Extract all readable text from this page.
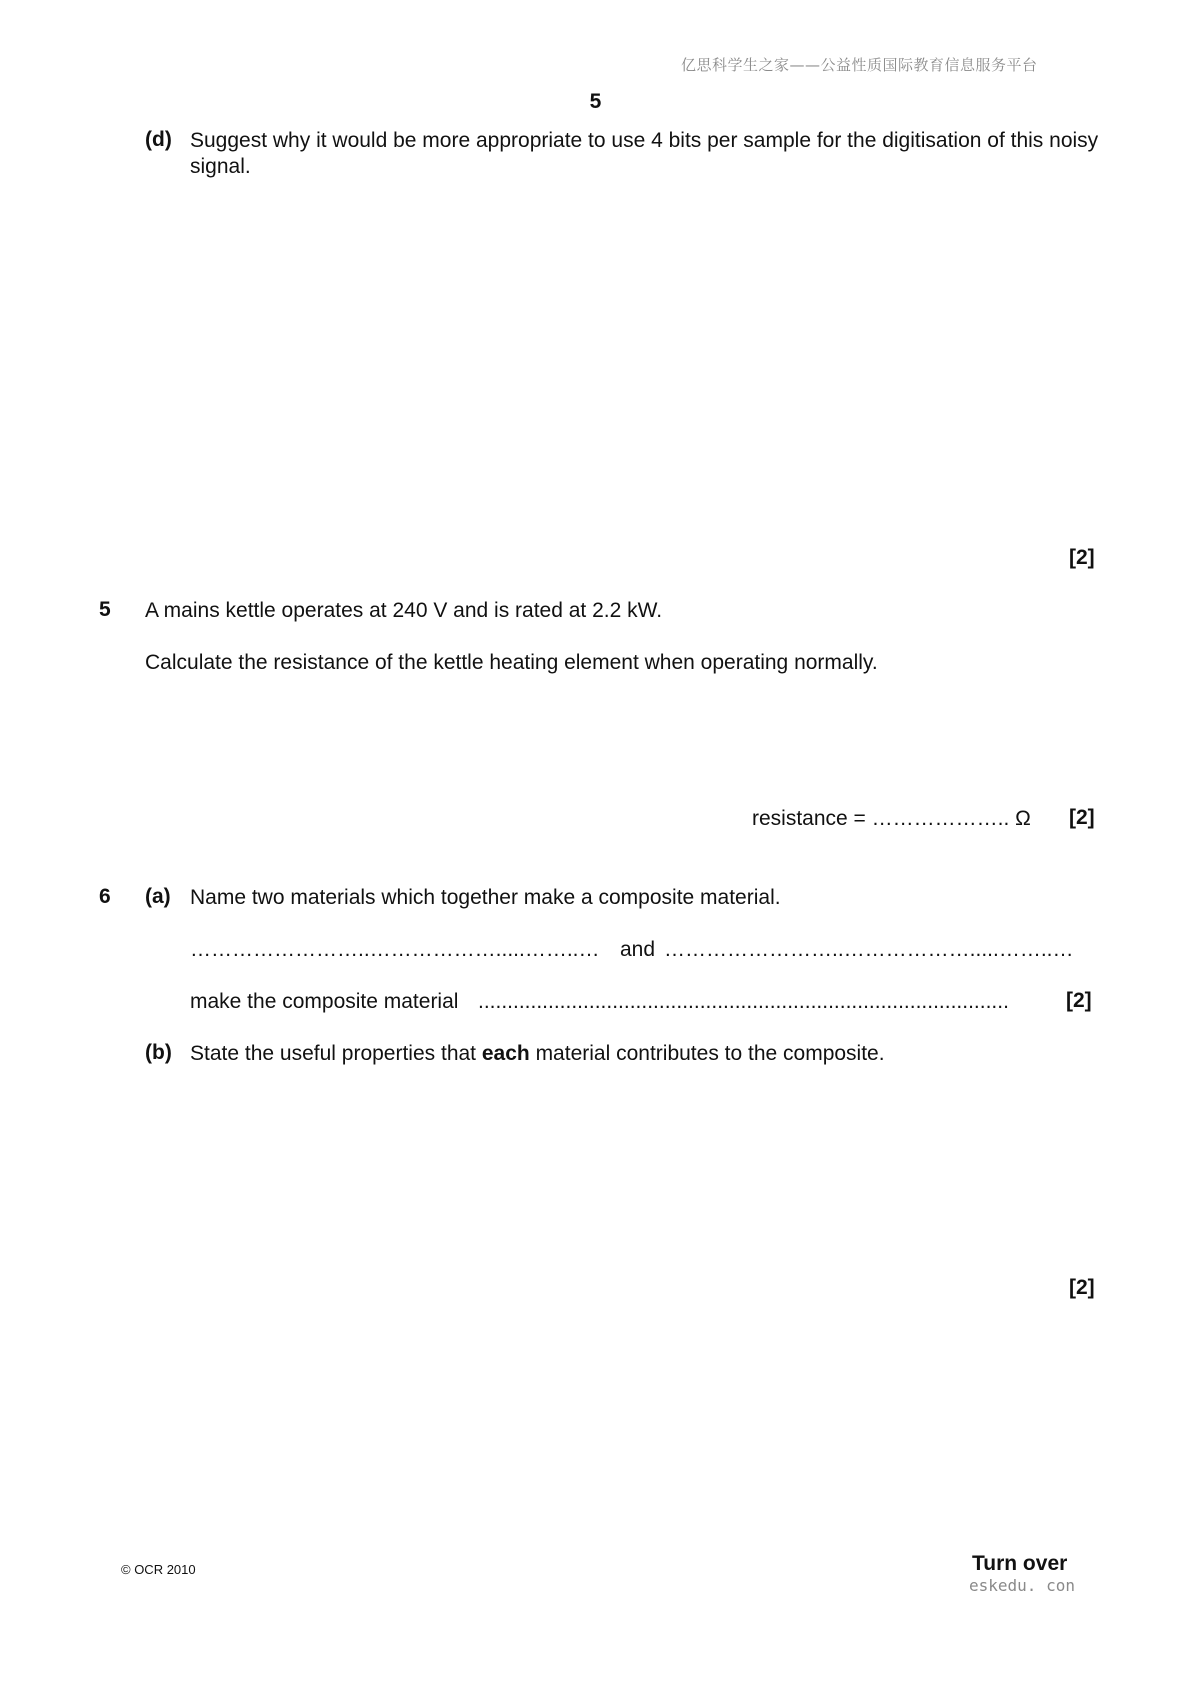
亿思科学生之家——公益性质国际教育信息服务平台
5
(d) Suggest why it would be more appropriate to use 4 bits per sample for the digitisation of this noisy signal.
[2]
5 A mains kettle operates at 240 V and is rated at 2.2 kW.
Calculate the resistance of the kettle heating element when operating normally.
resistance = ……………….. Ω [2]
6 (a) Name two materials which together make a composite material.
……………………..……………….....……..… and ……………………..……………….....……..…
make the composite material ...........................................................................................	[2]
(b) State the useful properties that each material contributes to the composite.
[2]
© OCR 2010	Turn over
eskedu. con
